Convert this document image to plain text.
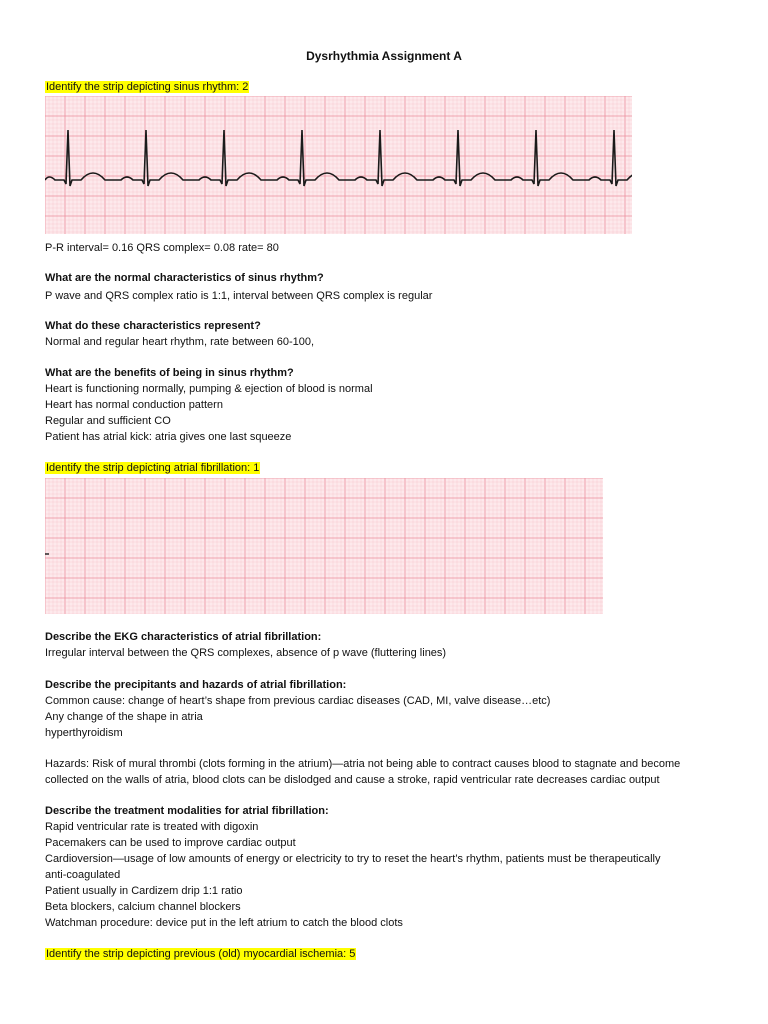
Dysrhythmia Assignment A
Identify the strip depicting sinus rhythm: 2
P-R interval= 0.16 QRS complex= 0.08 rate= 80
What are the normal characteristics of sinus rhythm?
P wave and QRS complex ratio is 1:1, interval between QRS complex is regular
What do these characteristics represent?
Normal and regular heart rhythm, rate between 60-100,
What are the benefits of being in sinus rhythm?
Heart is functioning normally, pumping & ejection of blood is normal
Heart has normal conduction pattern
Regular and sufficient CO
Patient has atrial kick: atria gives one last squeeze
Identify the strip depicting atrial fibrillation: 1
Describe the EKG characteristics of atrial fibrillation:
Irregular interval between the QRS complexes, absence of p wave (fluttering lines)
Describe the precipitants and hazards of atrial fibrillation:
Common cause: change of heart’s shape from previous cardiac diseases (CAD, MI, valve disease…etc)
Any change of the shape in atria
hyperthyroidism
Hazards: Risk of mural thrombi (clots forming in the atrium)—atria not being able to contract causes blood to stagnate and become
collected on the walls of atria, blood clots can be dislodged and cause a stroke, rapid ventricular rate decreases cardiac output
Describe the treatment modalities for atrial fibrillation:
Rapid ventricular rate is treated with digoxin
Pacemakers can be used to improve cardiac output
Cardioversion—usage of low amounts of energy or electricity to try to reset the heart’s rhythm, patients must be therapeutically
anti-coagulated
Patient usually in Cardizem drip 1:1 ratio
Beta blockers, calcium channel blockers
Watchman procedure: device put in the left atrium to catch the blood clots
Identify the strip depicting previous (old) myocardial ischemia: 5
